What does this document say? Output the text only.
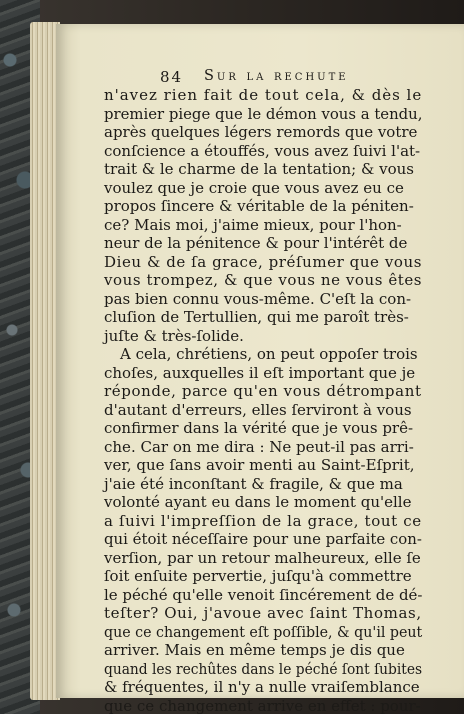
84 Sur la rechute
n'avez rien fait de tout cela, & dès le
premier piege que le démon vous a tendu,
après quelques légers remords que votre
conſcience a étouffés, vous avez ſuivi l'at-
trait & le charme de la tentation; & vous
voulez que je croie que vous avez eu ce
propos ſincere & véritable de la péniten-
ce? Mais moi, j'aime mieux, pour l'hon-
neur de la pénitence & pour l'intérêt de
Dieu & de ſa grace, préſumer que vous
vous trompez, & que vous ne vous êtes
pas bien connu vous-même. C'eſt la con-
cluſion de Tertullien, qui me paroît très-
juſte & très-ſolide.
A cela, chrétiens, on peut oppoſer trois
choſes, auxquelles il eſt important que je
réponde, parce qu'en vous détrompant
d'autant d'erreurs, elles ſerviront à vous
confirmer dans la vérité que je vous prê-
che. Car on me dira : Ne peut-il pas arri-
ver, que ſans avoir menti au Saint-Eſprit,
j'aie été inconſtant & fragile, & que ma
volonté ayant eu dans le moment qu'elle
a ſuivi l'impreſſion de la grace, tout ce
qui étoit néceſſaire pour une parfaite con-
verſion, par un retour malheureux, elle ſe
ſoit enſuite pervertie, juſqu'à commettre
le péché qu'elle venoit ſincérement de dé-
teſter? Oui, j'avoue avec ſaint Thomas,
que ce changement eſt poſſible, & qu'il peut
arriver. Mais en même temps je dis que
quand les rechûtes dans le péché ſont ſubites
& fréquentes, il n'y a nulle vraiſemblance
que ce changement arrive en effet : pour-
